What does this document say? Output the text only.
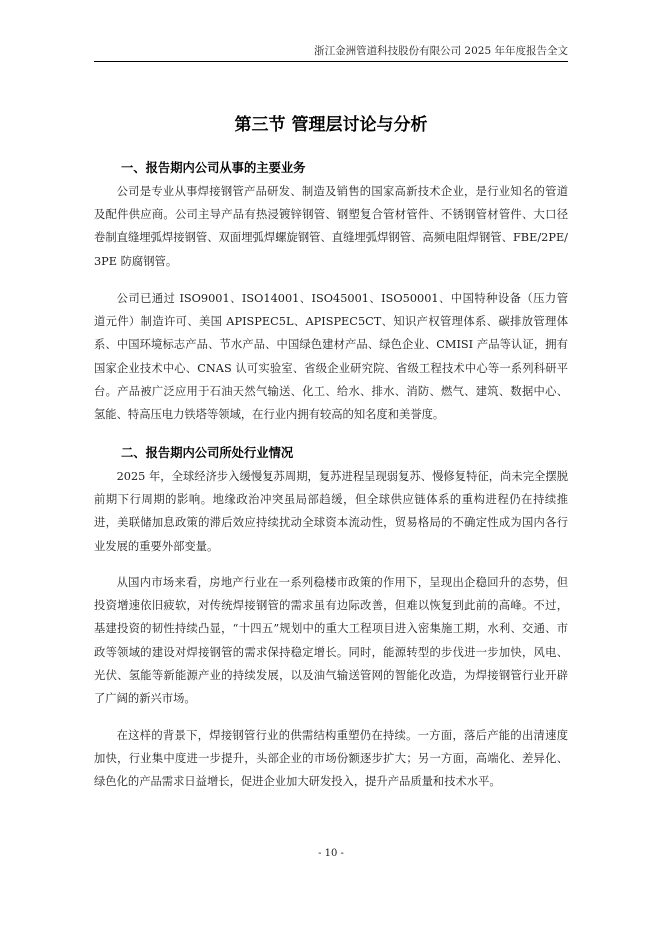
浙江金洲管道科技股份有限公司 2025 年年度报告全文
第三节 管理层讨论与分析
一、报告期内公司从事的主要业务
公司是专业从事焊接钢管产品研发、制造及销售的国家高新技术企业，是行业知名的管道及配件供应商。公司主导产品有热浸镀锌钢管、钢塑复合管材管件、不锈钢管材管件、大口径卷制直缝埋弧焊接钢管、双面埋弧焊螺旋钢管、直缝埋弧焊钢管、高频电阻焊钢管、FBE/2PE/3PE 防腐钢管。
公司已通过 ISO9001、ISO14001、ISO45001、ISO50001、中国特种设备（压力管道元件）制造许可、美国 APISPEC5L、APISPEC5CT、知识产权管理体系、碳排放管理体系、中国环境标志产品、节水产品、中国绿色建材产品、绿色企业、CMISI 产品等认证，拥有国家企业技术中心、CNAS 认可实验室、省级企业研究院、省级工程技术中心等一系列科研平台。产品被广泛应用于石油天然气输送、化工、给水、排水、消防、燃气、建筑、数据中心、氢能、特高压电力铁塔等领域，在行业内拥有较高的知名度和美誉度。
二、报告期内公司所处行业情况
2025 年，全球经济步入缓慢复苏周期，复苏进程呈现弱复苏、慢修复特征，尚未完全摆脱前期下行周期的影响。地缘政治冲突虽局部趋缓，但全球供应链体系的重构进程仍在持续推进，美联储加息政策的滞后效应持续扰动全球资本流动性，贸易格局的不确定性成为国内各行业发展的重要外部变量。
从国内市场来看，房地产行业在一系列稳楼市政策的作用下，呈现出企稳回升的态势，但投资增速依旧疲软，对传统焊接钢管的需求虽有边际改善，但难以恢复到此前的高峰。不过，基建投资的韧性持续凸显，“十四五”规划中的重大工程项目进入密集施工期，水利、交通、市政等领域的建设对焊接钢管的需求保持稳定增长。同时，能源转型的步伐进一步加快，风电、光伏、氢能等新能源产业的持续发展，以及油气输送管网的智能化改造，为焊接钢管行业开辟了广阔的新兴市场。
在这样的背景下，焊接钢管行业的供需结构重塑仍在持续。一方面，落后产能的出清速度加快，行业集中度进一步提升，头部企业的市场份额逐步扩大；另一方面，高端化、差异化、绿色化的产品需求日益增长，促进企业加大研发投入，提升产品质量和技术水平。
- 10 -
